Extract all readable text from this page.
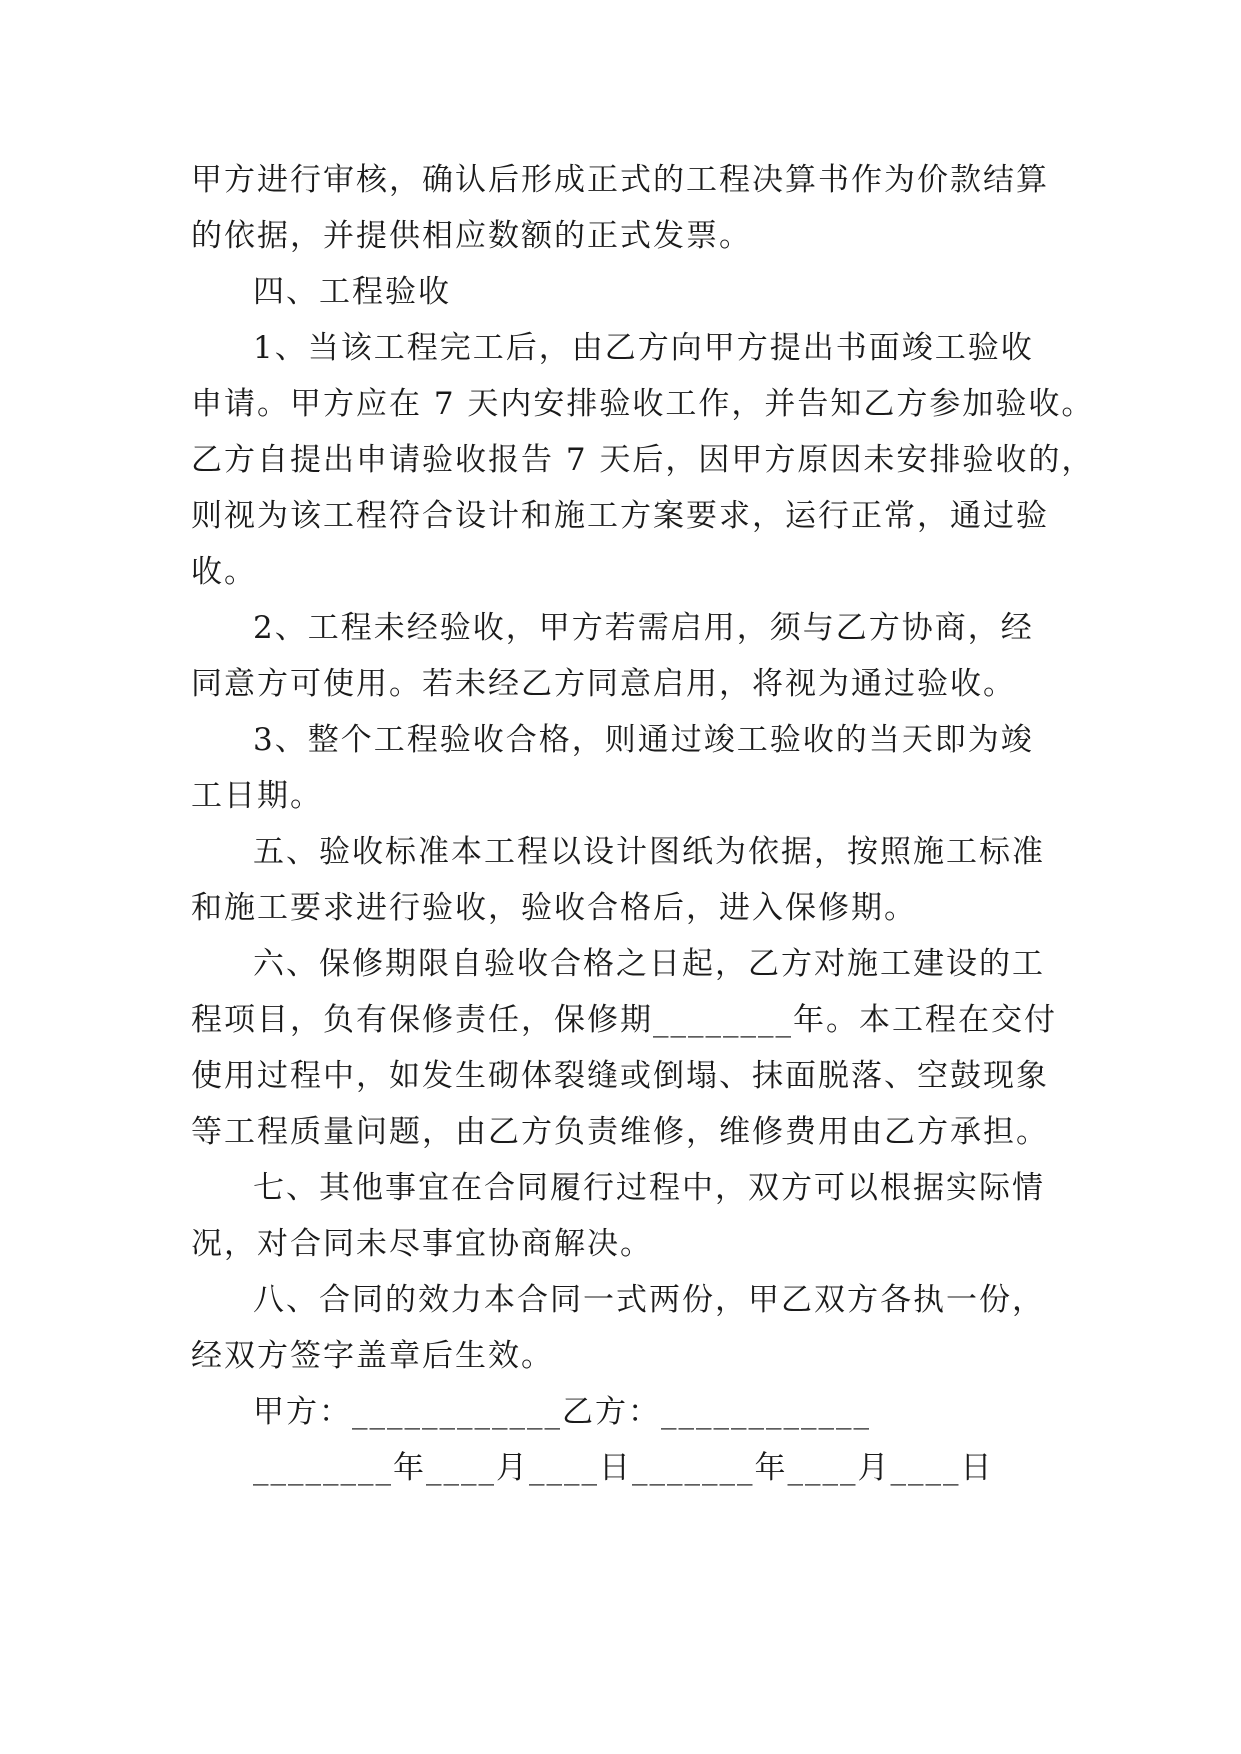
甲方进行审核，确认后形成正式的工程决算书作为价款结算
的依据，并提供相应数额的正式发票。
四、工程验收
1、当该工程完工后，由乙方向甲方提出书面竣工验收
申请。甲方应在 7 天内安排验收工作，并告知乙方参加验收。
乙方自提出申请验收报告 7 天后，因甲方原因未安排验收的，
则视为该工程符合设计和施工方案要求，运行正常，通过验
收。
2、工程未经验收，甲方若需启用，须与乙方协商，经
同意方可使用。若未经乙方同意启用，将视为通过验收。
3、整个工程验收合格，则通过竣工验收的当天即为竣
工日期。
五、验收标准本工程以设计图纸为依据，按照施工标准
和施工要求进行验收，验收合格后，进入保修期。
六、保修期限自验收合格之日起，乙方对施工建设的工
程项目，负有保修责任，保修期________年。本工程在交付
使用过程中，如发生砌体裂缝或倒塌、抹面脱落、空鼓现象
等工程质量问题，由乙方负责维修，维修费用由乙方承担。
七、其他事宜在合同履行过程中，双方可以根据实际情
况，对合同未尽事宜协商解决。
八、合同的效力本合同一式两份，甲乙双方各执一份，
经双方签字盖章后生效。
甲方：____________乙方：____________
________年____月____日_______年____月____日
